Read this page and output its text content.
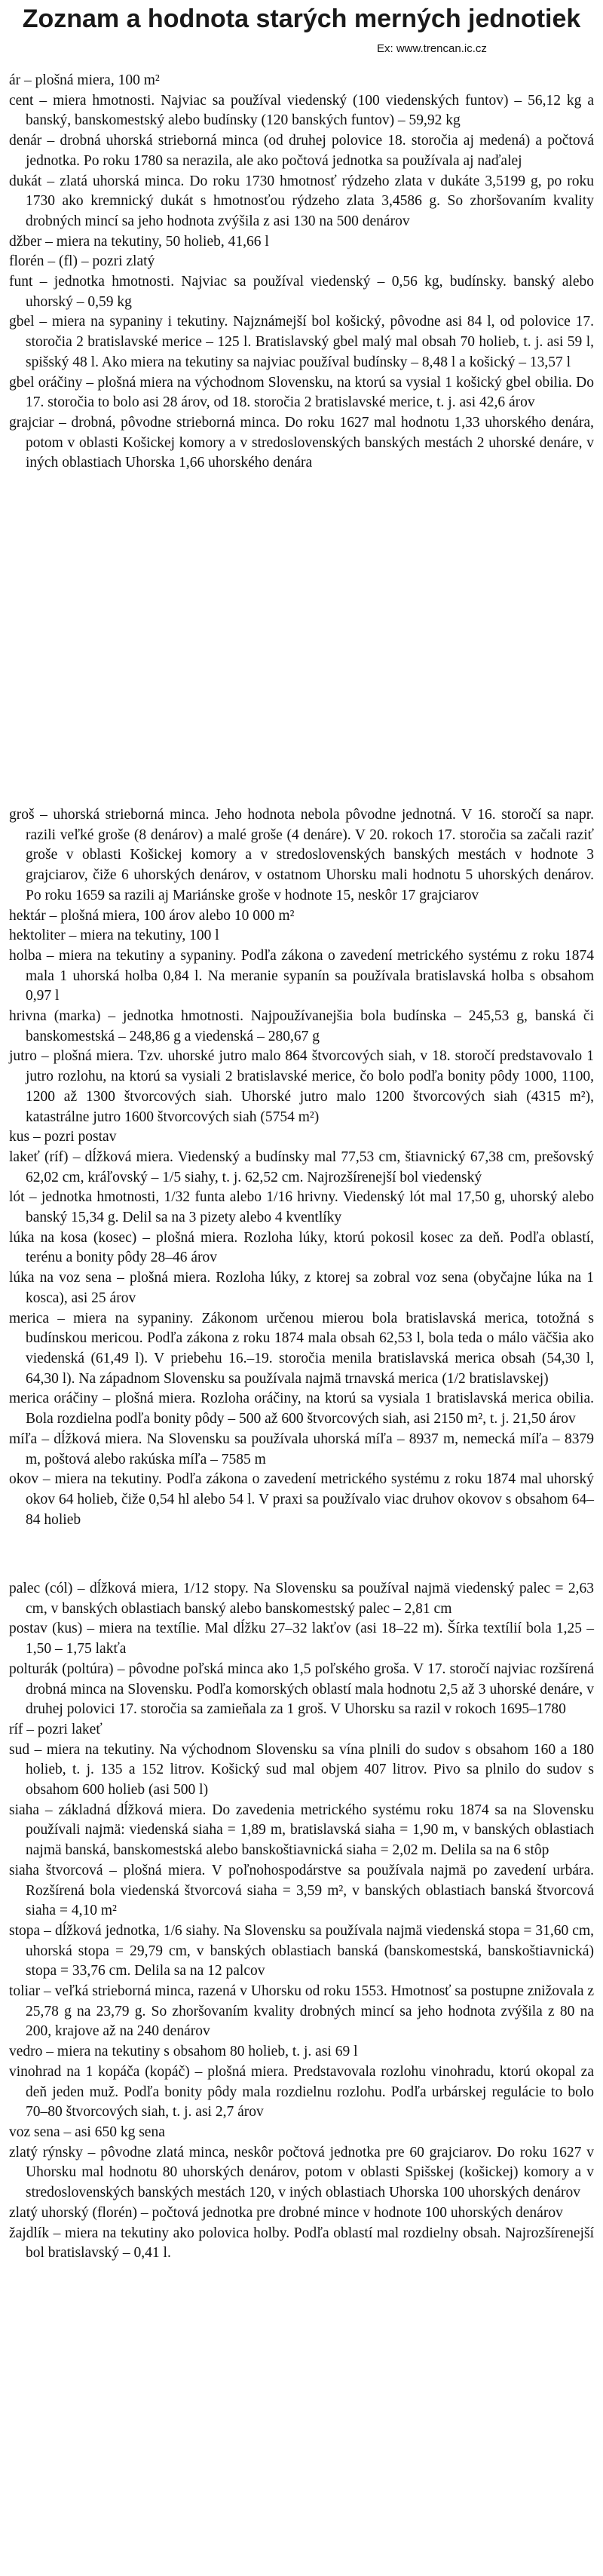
Zoznam a hodnota starých merných jednotiek
Ex: www.trencan.ic.cz

ár – plošná miera, 100 m²

cent – miera hmotnosti. Najviac sa používal viedenský (100 viedenských funtov) – 56,12 kg a banský, banskomestský alebo budínsky (120 banských funtov) – 59,92 kg

denár – drobná uhorská strieborná minca (od druhej polovice 18. storočia aj medená) a počtová jednotka. Po roku 1780 sa nerazila, ale ako počtová jednotka sa používala aj naďalej

dukát – zlatá uhorská minca. Do roku 1730 hmotnosť rýdzeho zlata v dukáte 3,5199 g, po roku 1730 ako kremnický dukát s hmotnosťou rýdzeho zlata 3,4586 g. So zhoršovaním kvality drobných mincí sa jeho hodnota zvýšila z asi 130 na 500 denárov

džber – miera na tekutiny, 50 holieb, 41,66 l

florén – (fl) – pozri zlatý

funt – jednotka hmotnosti. Najviac sa používal viedenský – 0,56 kg, budínsky. banský alebo uhorský – 0,59 kg

gbel – miera na sypaniny i tekutiny. Najznámejší bol košický, pôvodne asi 84 l, od polovice 17. storočia 2 bratislavské merice – 125 l. Bratislavský gbel malý mal obsah 70 holieb, t. j. asi 59 l, spišský 48 l. Ako miera na tekutiny sa najviac používal budínsky – 8,48 l a košický – 13,57 l

gbel oráčiny – plošná miera na východnom Slovensku, na ktorú sa vysial 1 košický gbel obilia. Do 17. storočia to bolo asi 28 árov, od 18. storočia 2 bratislavské merice, t. j. asi 42,6 árov

grajciar – drobná, pôvodne strieborná minca. Do roku 1627 mal hodnotu 1,33 uhorského denára, potom v oblasti Košickej komory a v stredoslovenských banských mestách 2 uhorské denáre, v iných oblastiach Uhorska 1,66 uhorského denára

groš – uhorská strieborná minca. Jeho hodnota nebola pôvodne jednotná. V 16. storočí sa napr. razili veľké groše (8 denárov) a malé groše (4 denáre). V 20. rokoch 17. storočia sa začali raziť groše v oblasti Košickej komory a v stredoslovenských banských mestách v hodnote 3 grajciarov, čiže 6 uhorských denárov, v ostatnom Uhorsku mali hodnotu 5 uhorských denárov. Po roku 1659 sa razili aj Mariánske groše v hodnote 15, neskôr 17 grajciarov

hektár – plošná miera, 100 árov alebo 10 000 m²

hektoliter – miera na tekutiny, 100 l

holba – miera na tekutiny a sypaniny. Podľa zákona o zavedení metrického systému z roku 1874 mala 1 uhorská holba 0,84 l. Na meranie sypanín sa používala bratislavská holba s obsahom 0,97 l

hrivna (marka) – jednotka hmotnosti. Najpoužívanejšia bola budínska – 245,53 g, banská či banskomestská – 248,86 g a viedenská – 280,67 g

jutro – plošná miera. Tzv. uhorské jutro malo 864 štvorcových siah, v 18. storočí predstavovalo 1 jutro rozlohu, na ktorú sa vysiali 2 bratislavské merice, čo bolo podľa bonity pôdy 1000, 1100, 1200 až 1300 štvorcových siah. Uhorské jutro malo 1200 štvorcových siah (4315 m²), katastrálne jutro 1600 štvorcových siah (5754 m²)

kus – pozri postav

lakeť (ríf) – dĺžková miera. Viedenský a budínsky mal 77,53 cm, štiavnický 67,38 cm, prešovský 62,02 cm, kráľovský – 1/5 siahy, t. j. 62,52 cm. Najrozšírenejší bol viedenský

lót – jednotka hmotnosti, 1/32 funta alebo 1/16 hrivny. Viedenský lót mal 17,50 g, uhorský alebo banský 15,34 g. Delil sa na 3 pizety alebo 4 kventlíky

lúka na kosa (kosec) – plošná miera. Rozloha lúky, ktorú pokosil kosec za deň. Podľa oblastí, terénu a bonity pôdy 28–46 árov

lúka na voz sena – plošná miera. Rozloha lúky, z ktorej sa zobral voz sena (obyčajne lúka na 1 kosca), asi 25 árov

merica – miera na sypaniny. Zákonom určenou mierou bola bratislavská merica, totožná s budínskou mericou. Podľa zákona z roku 1874 mala obsah 62,53 l, bola teda o málo väčšia ako viedenská (61,49 l). V priebehu 16.–19. storočia menila bratislavská merica obsah (54,30 l, 64,30 l). Na západnom Slovensku sa používala najmä trnavská merica (1/2 bratislavskej)

merica oráčiny – plošná miera. Rozloha oráčiny, na ktorú sa vysiala 1 bratislavská merica obilia. Bola rozdielna podľa bonity pôdy – 500 až 600 štvorcových siah, asi 2150 m², t. j. 21,50 árov

míľa – dĺžková miera. Na Slovensku sa používala uhorská míľa – 8937 m, nemecká míľa – 8379 m, poštová alebo rakúska míľa – 7585 m

okov – miera na tekutiny. Podľa zákona o zavedení metrického systému z roku 1874 mal uhorský okov 64 holieb, čiže 0,54 hl alebo 54 l. V praxi sa používalo viac druhov okovov s obsahom 64–84 holieb

palec (cól) – dĺžková miera, 1/12 stopy. Na Slovensku sa používal najmä viedenský palec = 2,63 cm, v banských oblastiach banský alebo banskomestský palec – 2,81 cm

postav (kus) – miera na textílie. Mal dĺžku 27–32 lakťov (asi 18–22 m). Šírka textílií bola 1,25 – 1,50 – 1,75 lakťa

polturák (poltúra) – pôvodne poľská minca ako 1,5 poľského groša. V 17. storočí najviac rozšírená drobná minca na Slovensku. Podľa komorských oblastí mala hodnotu 2,5 až 3 uhorské denáre, v druhej polovici 17. storočia sa zamieňala za 1 groš. V Uhorsku sa razil v rokoch 1695–1780

ríf – pozri lakeť

sud – miera na tekutiny. Na východnom Slovensku sa vína plnili do sudov s obsahom 160 a 180 holieb, t. j. 135 a 152 litrov. Košický sud mal objem 407 litrov. Pivo sa plnilo do sudov s obsahom 600 holieb (asi 500 l)

siaha – základná dĺžková miera. Do zavedenia metrického systému roku 1874 sa na Slovensku používali najmä: viedenská siaha = 1,89 m, bratislavská siaha = 1,90 m, v banských oblastiach najmä banská, banskomestská alebo banskoštiavnická siaha = 2,02 m. Delila sa na 6 stôp

siaha štvorcová – plošná miera. V poľnohospodárstve sa používala najmä po zavedení urbára. Rozšírená bola viedenská štvorcová siaha = 3,59 m², v banských oblastiach banská štvorcová siaha = 4,10 m²

stopa – dĺžková jednotka, 1/6 siahy. Na Slovensku sa používala najmä viedenská stopa = 31,60 cm, uhorská stopa = 29,79 cm, v banských oblastiach banská (banskomestská, banskoštiavnická) stopa = 33,76 cm. Delila sa na 12 palcov

toliar – veľká strieborná minca, razená v Uhorsku od roku 1553. Hmotnosť sa postupne znižovala z 25,78 g na 23,79 g. So zhoršovaním kvality drobných mincí sa jeho hodnota zvýšila z 80 na 200, krajove až na 240 denárov

vedro – miera na tekutiny s obsahom 80 holieb, t. j. asi 69 l

vinohrad na 1 kopáča (kopáč) – plošná miera. Predstavovala rozlohu vinohradu, ktorú okopal za deň jeden muž. Podľa bonity pôdy mala rozdielnu rozlohu. Podľa urbárskej regulácie to bolo 70–80 štvorcových siah, t. j. asi 2,7 árov

voz sena – asi 650 kg sena

zlatý rýnsky – pôvodne zlatá minca, neskôr počtová jednotka pre 60 grajciarov. Do roku 1627 v Uhorsku mal hodnotu 80 uhorských denárov, potom v oblasti Spišskej (košickej) komory a v stredoslovenských banských mestách 120, v iných oblastiach Uhorska 100 uhorských denárov

zlatý uhorský (florén) – počtová jednotka pre drobné mince v hodnote 100 uhorských denárov

žajdlík – miera na tekutiny ako polovica holby. Podľa oblastí mal rozdielny obsah. Najrozšírenejší bol bratislavský – 0,41 l.
